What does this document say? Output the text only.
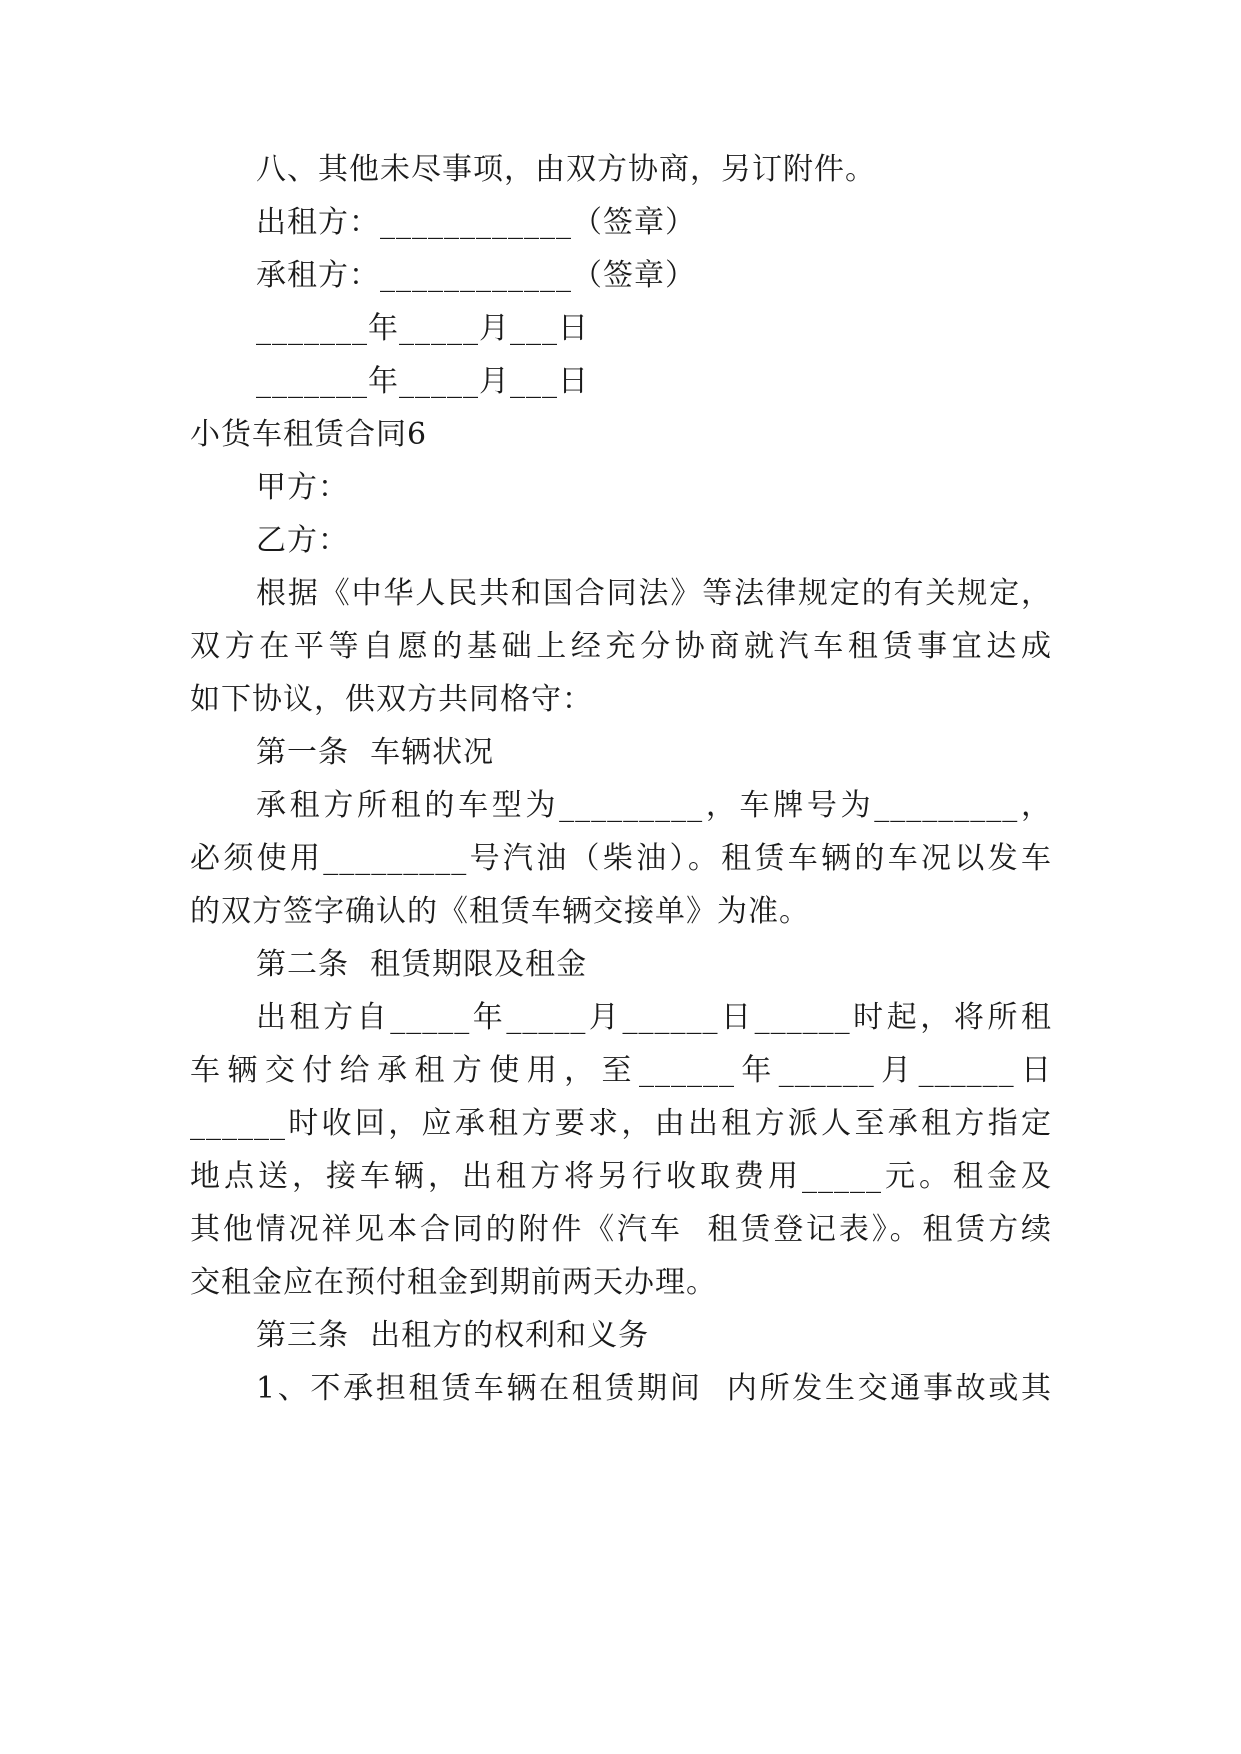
八、其他未尽事项，由双方协商，另订附件。
出租方：____________（签章）
承租方：____________（签章）
_______年_____月___日
_______年_____月___日
小货车租赁合同6
甲方：
乙方：
根据《中华人民共和国合同法》等法律规定的有关规定，
双方在平等自愿的基础上经充分协商就汽车租赁事宜达成
如下协议，供双方共同格守：
第一条  车辆状况
承租方所租的车型为_________，车牌号为_________，
必须使用_________号汽油（柴油）。租赁车辆的车况以发车
的双方签字确认的《租赁车辆交接单》为准。
第二条  租赁期限及租金
出租方自_____年_____月______日______时起，将所租
车辆交付给承租方使用，至______年______月______日
______时收回，应承租方要求，由出租方派人至承租方指定
地点送，接车辆，出租方将另行收取费用_____元。租金及
其他情况祥见本合同的附件《汽车  租赁登记表》。租赁方续
交租金应在预付租金到期前两天办理。
第三条  出租方的权利和义务
1、不承担租赁车辆在租赁期间  内所发生交通事故或其
